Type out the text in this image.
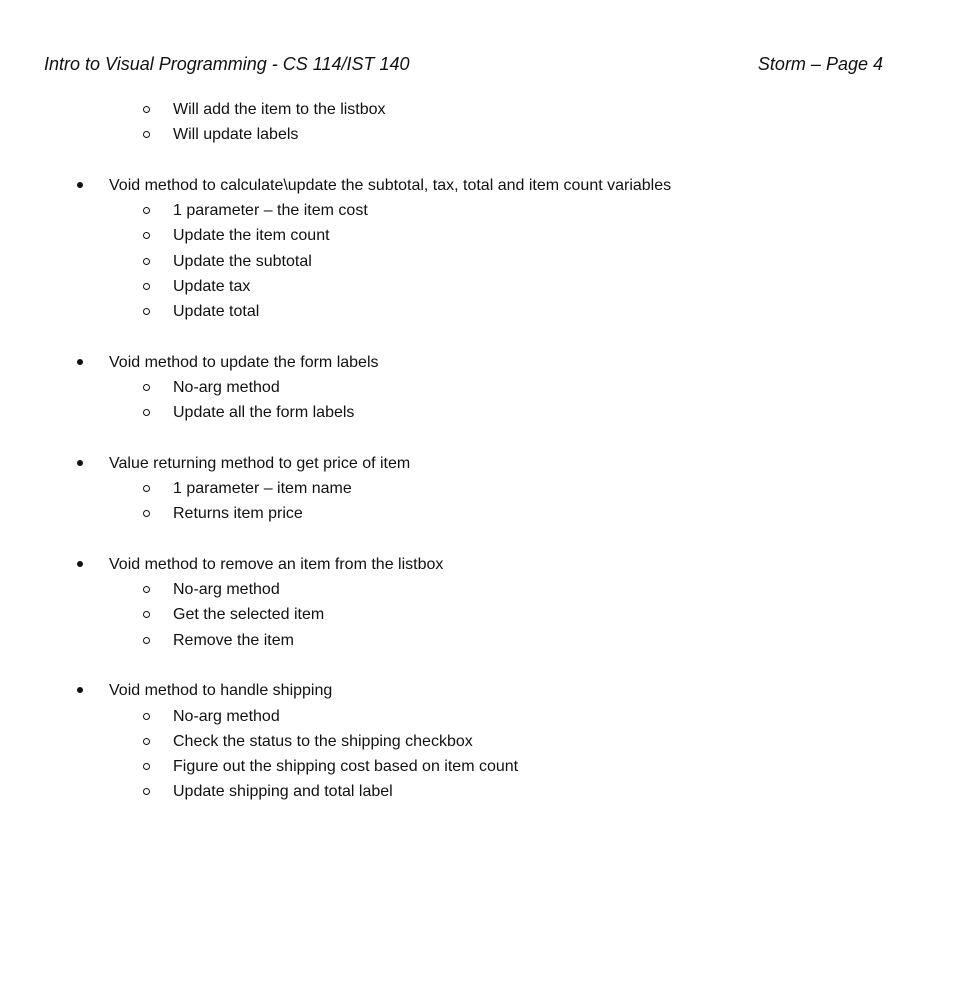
Intro to Visual Programming - CS 114/IST 140	Storm – Page 4
Will add the item to the listbox
Will update labels
Void method to calculate\update the subtotal, tax, total and item count variables
1 parameter – the item cost
Update the item count
Update the subtotal
Update tax
Update total
Void method to update the form labels
No-arg method
Update all the form labels
Value returning method to get price of item
1 parameter – item name
Returns item price
Void method to remove an item from the listbox
No-arg method
Get the selected item
Remove the item
Void method to handle shipping
No-arg method
Check the status to the shipping checkbox
Figure out the shipping cost based on item count
Update shipping and total label
